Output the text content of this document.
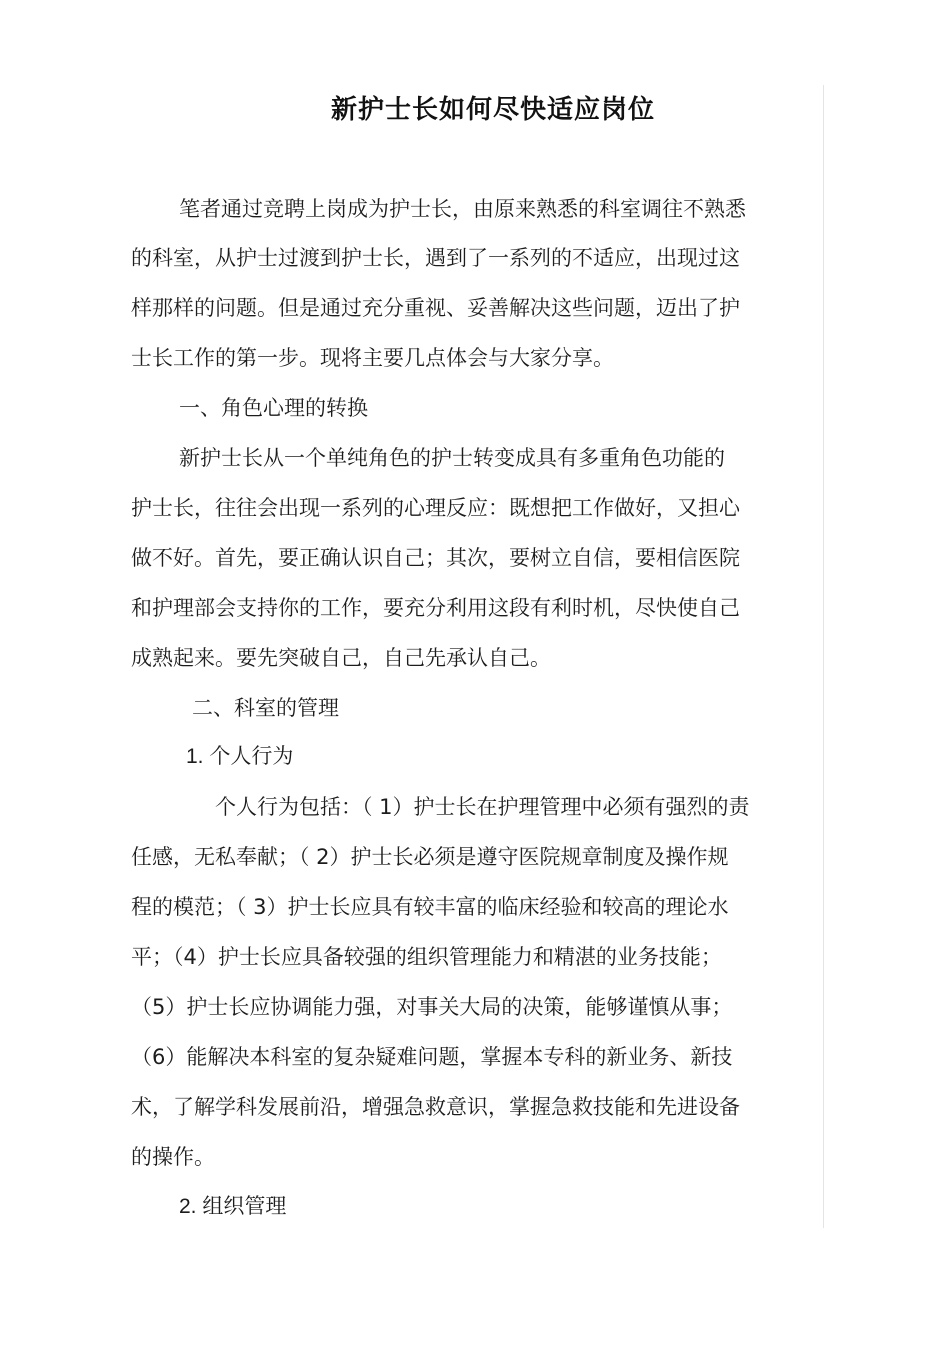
新护士长如何尽快适应岗位
笔者通过竞聘上岗成为护士长，由原来熟悉的科室调往不熟悉
的科室，从护士过渡到护士长，遇到了一系列的不适应，出现过这
样那样的问题。但是通过充分重视、妥善解决这些问题，迈出了护
士长工作的第一步。现将主要几点体会与大家分享。
一、角色心理的转换
新护士长从一个单纯角色的护士转变成具有多重角色功能的
护士长，往往会出现一系列的心理反应：既想把工作做好，又担心
做不好。首先，要正确认识自己；其次，要树立自信，要相信医院
和护理部会支持你的工作，要充分利用这段有利时机，尽快使自己
成熟起来。要先突破自己，自己先承认自己。
二、科室的管理
1. 个人行为
个人行为包括：（ 1）护士长在护理管理中必须有强烈的责
任感，无私奉献；（ 2）护士长必须是遵守医院规章制度及操作规
程的模范；（ 3）护士长应具有较丰富的临床经验和较高的理论水
平；（4）护士长应具备较强的组织管理能力和精湛的业务技能；
（5）护士长应协调能力强，对事关大局的决策，能够谨慎从事；
（6）能解决本科室的复杂疑难问题，掌握本专科的新业务、新技
术，了解学科发展前沿，增强急救意识，掌握急救技能和先进设备
的操作。
2. 组织管理
